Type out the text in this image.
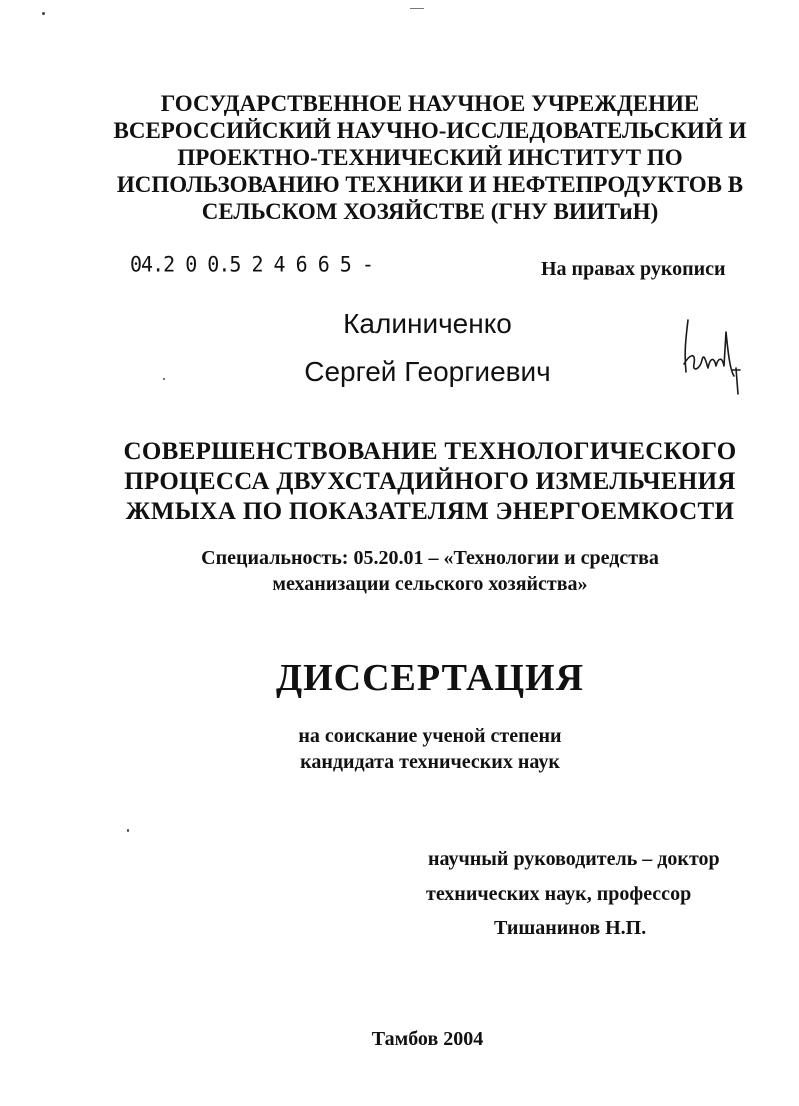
ГОСУДАРСТВЕННОЕ НАУЧНОЕ УЧРЕЖДЕНИЕ
ВСЕРОССИЙСКИЙ НАУЧНО-ИССЛЕДОВАТЕЛЬСКИЙ И
ПРОЕКТНО-ТЕХНИЧЕСКИЙ ИНСТИТУТ ПО
ИСПОЛЬЗОВАНИЮ ТЕХНИКИ И НЕФТЕПРОДУКТОВ В
СЕЛЬСКОМ ХОЗЯЙСТВЕ (ГНУ ВИИТиН)
04.2 0 0.5 2 4 6 6 5 -	На правах рукописи
Калиниченко
Сергей Георгиевич
СОВЕРШЕНСТВОВАНИЕ ТЕХНОЛОГИЧЕСКОГО
ПРОЦЕССА ДВУХСТАДИЙНОГО ИЗМЕЛЬЧЕНИЯ
ЖМЫХА ПО ПОКАЗАТЕЛЯМ ЭНЕРГОЕМКОСТИ
Специальность: 05.20.01 – «Технологии и средства
механизации сельского хозяйства»
ДИССЕРТАЦИЯ
на соискание ученой степени
кандидата технических наук
научный руководитель – доктор
технических наук, профессор
Тишанинов Н.П.
Тамбов 2004
